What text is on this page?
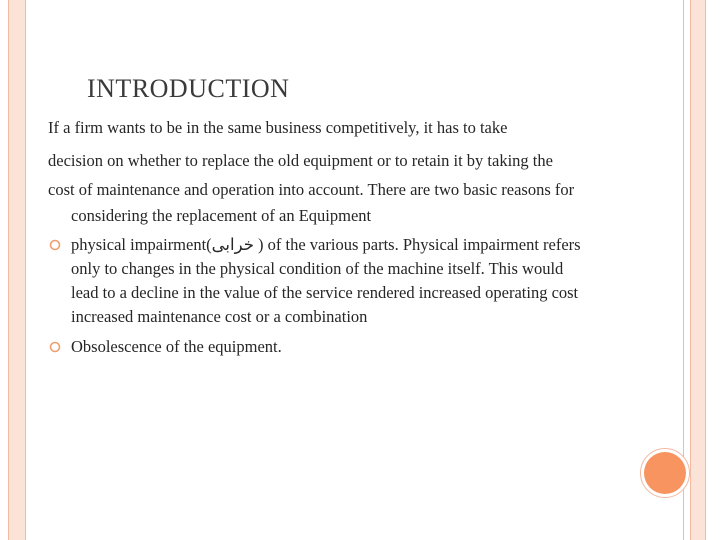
INTRODUCTION
If a firm wants to be in the same business competitively, it has to take
decision on whether to replace the old equipment or to retain it by taking the
cost of maintenance and operation into account. There are two basic reasons for
considering the replacement of an Equipment
physical impairment(خرابی ) of the various parts. Physical impairment refers
only to changes in the physical condition of the machine itself. This would
lead to a decline in the value of the service rendered increased operating cost
increased maintenance cost or a combination
Obsolescence of the equipment.
